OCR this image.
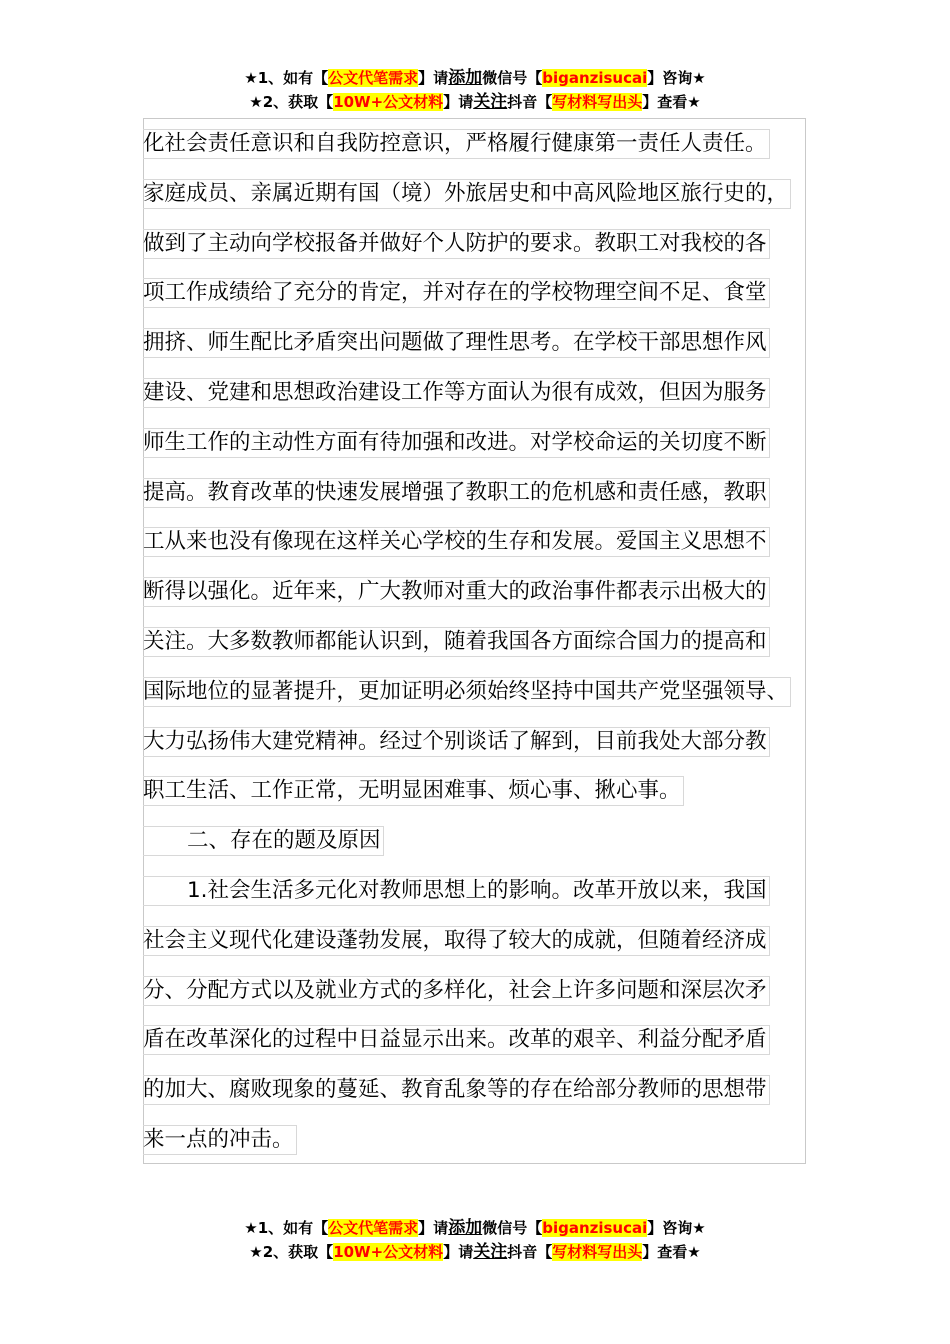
★1、如有【公文代笔需求】请添加微信号【biganzisucai】咨询★
★2、获取【10W+公文材料】请关注抖音【写材料写出头】查看★
化社会责任意识和自我防控意识，严格履行健康第一责任人责任。
家庭成员、亲属近期有国（境）外旅居史和中高风险地区旅行史的，
做到了主动向学校报备并做好个人防护的要求。教职工对我校的各
项工作成绩给了充分的肯定，并对存在的学校物理空间不足、食堂
拥挤、师生配比矛盾突出问题做了理性思考。在学校干部思想作风
建设、党建和思想政治建设工作等方面认为很有成效，但因为服务
师生工作的主动性方面有待加强和改进。对学校命运的关切度不断
提高。教育改革的快速发展增强了教职工的危机感和责任感，教职
工从来也没有像现在这样关心学校的生存和发展。爱国主义思想不
断得以强化。近年来，广大教师对重大的政治事件都表示出极大的
关注。大多数教师都能认识到，随着我国各方面综合国力的提高和
国际地位的显著提升，更加证明必须始终坚持中国共产党坚强领导、
大力弘扬伟大建党精神。经过个别谈话了解到，目前我处大部分教
职工生活、工作正常，无明显困难事、烦心事、揪心事。
二、存在的题及原因
1.社会生活多元化对教师思想上的影响。改革开放以来，我国
社会主义现代化建设蓬勃发展，取得了较大的成就，但随着经济成
分、分配方式以及就业方式的多样化，社会上许多问题和深层次矛
盾在改革深化的过程中日益显示出来。改革的艰辛、利益分配矛盾
的加大、腐败现象的蔓延、教育乱象等的存在给部分教师的思想带
来一点的冲击。
★1、如有【公文代笔需求】请添加微信号【biganzisucai】咨询★
★2、获取【10W+公文材料】请关注抖音【写材料写出头】查看★
